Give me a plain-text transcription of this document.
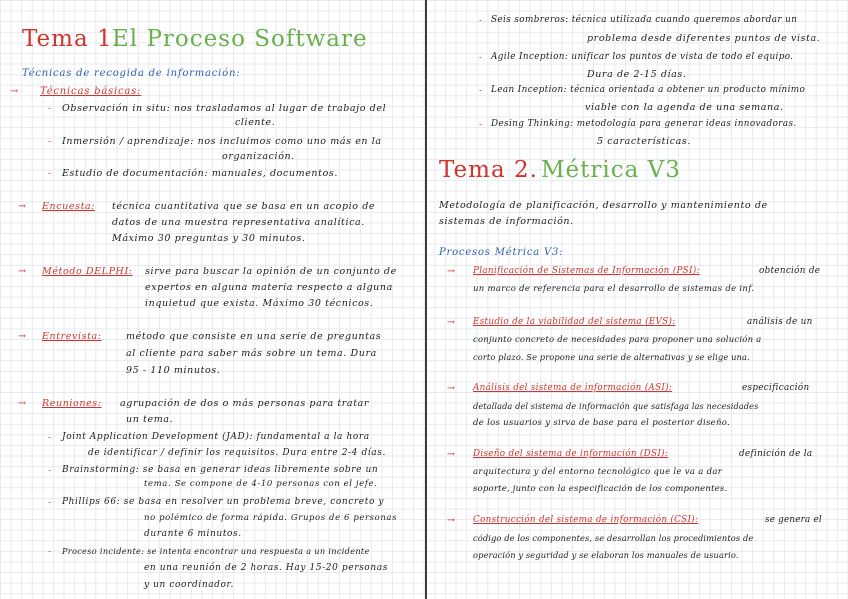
Tema 1.
El Proceso Software
Técnicas de recogida de información:
→ Técnicas básicas:
- Observación in situ: nos trasladamos al lugar de trabajo del
cliente.
- Inmersión / aprendizaje: nos incluimos como uno más en la
organización.
- Estudio de documentación: manuales, documentos.
→ Encuesta: técnica cuantitativa que se basa en un acopio de
datos de una muestra representativa analítica.
Máximo 30 preguntas y 30 minutos.
→ Método DELPHI: sirve para buscar la opinión de un conjunto de
expertos en alguna materia respecto a alguna
inquietud que exista. Máximo 30 técnicos.
→ Entrevista:	método que consiste en una serie de preguntas
al cliente para saber más sobre un tema. Dura
95 - 110 minutos.
→ Reuniones: agrupación de dos o más personas para tratar
un tema.
- Joint Application Development (JAD): fundamental a la hora
de identificar / definir los requisitos. Dura entre 2-4 días.
- Brainstorming: se basa en generar ideas libremente sobre un
tema. Se compone de 4-10 personas con el jefe.
- Phillips 66: se basa en resolver un problema breve, concreto y
no polémico de forma rápida. Grupos de 6 personas
durante 6 minutos.
- Proceso incidente: se intenta encontrar una respuesta a un incidente
en una reunión de 2 horas. Hay 15-20 personas
y un coordinador.
- Seis sombreros: técnica utilizada cuando queremos abordar un
problema desde diferentes puntos de vista.
- Agile Inception: unificar los puntos de vista de todo el equipo.
Dura de 2-15 días.
- Lean Inception: técnica orientada a obtener un producto mínimo
viable con la agenda de una semana.
- Desing Thinking: metodología para generar ideas innovadoras.
5 características.
Tema 2. Métrica V3
Metodología de planificación, desarrollo y mantenimiento de
sistemas de información.
Procesos Métrica V3:
→ Planificación de Sistemas de Información (PSI):	obtención de
un marco de referencia para el desarrollo de sistemas de inf.
→ Estudio de la viabilidad del sistema (EVS):	análisis de un
conjunto concreto de necesidades para proponer una solución a
corto plazo. Se propone una serie de alternativas y se elige una.
→ Análisis del sistema de información (ASI):	especificación
detallada del sistema de información que satisfaga las necesidades
de los usuarios y sirva de base para el posterior diseño.
→ Diseño del sistema de información (DSI):	definición de la
arquitectura y del entorno tecnológico que le va a dar
soporte, junto con la especificación de los componentes.
→ Construcción del sistema de información (CSI):	se genera el
código de los componentes, se desarrollan los procedimientos de
operación y seguridad y se elaboran los manuales de usuario.
